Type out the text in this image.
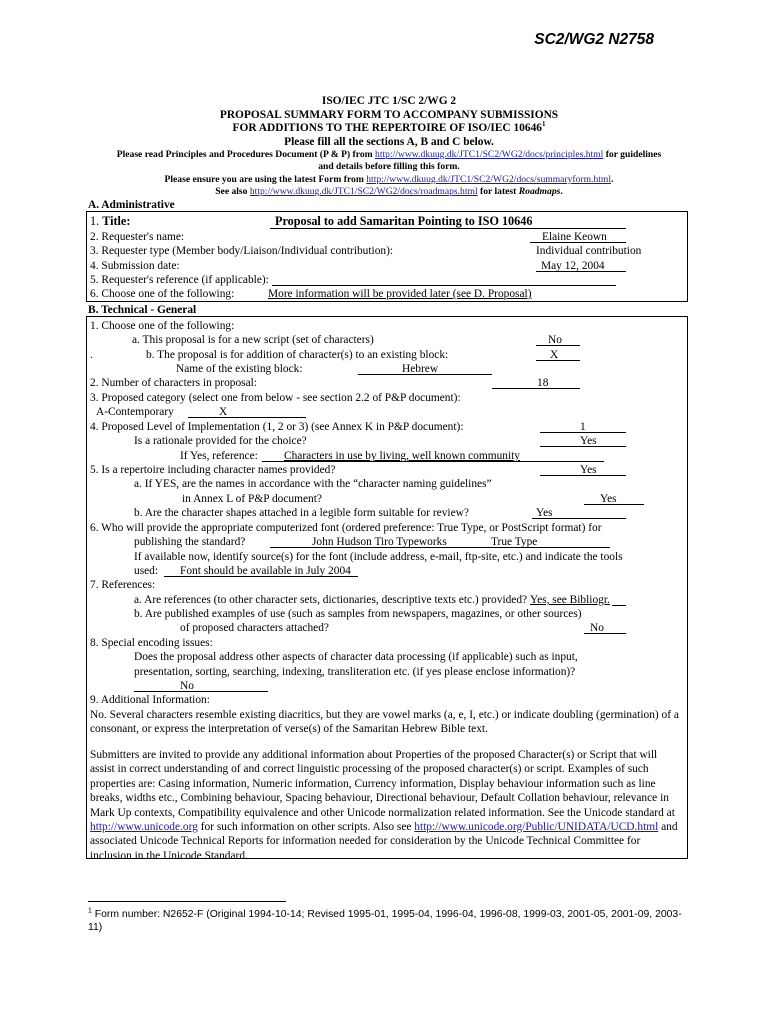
SC2/WG2 N2758
ISO/IEC JTC 1/SC 2/WG 2
PROPOSAL SUMMARY FORM TO ACCOMPANY SUBMISSIONS
FOR ADDITIONS TO THE REPERTOIRE OF ISO/IEC 10646$^1$
Please fill all the sections A, B and C below.
Please read Principles and Procedures Document (P & P) from http://www.dkuug.dk/JTC1/SC2/WG2/docs/principles.html for guidelines
and details before filling this form.
Please ensure you are using the latest Form from http://www.dkuug.dk/JTC1/SC2/WG2/docs/summaryform.html.
See also http://www.dkuug.dk/JTC1/SC2/WG2/docs/roadmaps.html for latest Roadmaps.
A. Administrative
1. Title:	Proposal to add Samaritan Pointing to ISO 10646
2. Requester's name:	Elaine Keown
3. Requester type (Member body/Liaison/Individual contribution):	Individual contribution
4. Submission date:	May 12, 2004
5. Requester's reference (if applicable):
6. Choose one of the following:	More information will be provided later (see D. Proposal)
B. Technical - General
1. Choose one of the following:
a. This proposal is for a new script (set of characters)	No
.	b. The proposal is for addition of character(s) to an existing block:	X
Name of the existing block:	Hebrew
2. Number of characters in proposal:	18
3. Proposed category (select one from below - see section 2.2 of P&P document):
A-Contemporary	X
4. Proposed Level of Implementation (1, 2 or 3) (see Annex K in P&P document):	1
Is a rationale provided for the choice?	Yes
If Yes, reference: Characters in use by living, well known community
5. Is a repertoire including character names provided?	Yes
a. If YES, are the names in accordance with the “character naming guidelines”
in Annex L of P&P document?	Yes
b. Are the character shapes attached in a legible form suitable for review?	Yes
6. Who will provide the appropriate computerized font (ordered preference: True Type, or PostScript format) for
publishing the standard?	John Hudson Tiro Typeworks	True Type
If available now, identify source(s) for the font (include address, e-mail, ftp-site, etc.) and indicate the tools
used: Font should be available in July 2004
7. References:
a. Are references (to other character sets, dictionaries, descriptive texts etc.) provided? Yes, see Bibliogr.
b. Are published examples of use (such as samples from newspapers, magazines, or other sources)
of proposed characters attached?	No
8. Special encoding issues:
Does the proposal address other aspects of character data processing (if applicable) such as input,
presentation, sorting, searching, indexing, transliteration etc. (if yes please enclose information)?
No
9. Additional Information:
No. Several characters resemble existing diacritics, but they are vowel marks (a, e, I, etc.) or indicate doubling (germination) of a consonant, or express the interpretation of verse(s) of the Samaritan Hebrew Bible text.
Submitters are invited to provide any additional information about Properties of the proposed Character(s) or Script that will assist in correct understanding of and correct linguistic processing of the proposed character(s) or script. Examples of such properties are: Casing information, Numeric information, Currency information, Display behaviour information such as line breaks, widths etc., Combining behaviour, Spacing behaviour, Directional behaviour, Default Collation behaviour, relevance in Mark Up contexts, Compatibility equivalence and other Unicode normalization related information. See the Unicode standard at http://www.unicode.org for such information on other scripts. Also see http://www.unicode.org/Public/UNIDATA/UCD.html and associated Unicode Technical Reports for information needed for consideration by the Unicode Technical Committee for inclusion in the Unicode Standard.
$^1$ Form number: N2652-F (Original 1994-10-14; Revised 1995-01, 1995-04, 1996-04, 1996-08, 1999-03, 2001-05, 2001-09, 2003-11)
